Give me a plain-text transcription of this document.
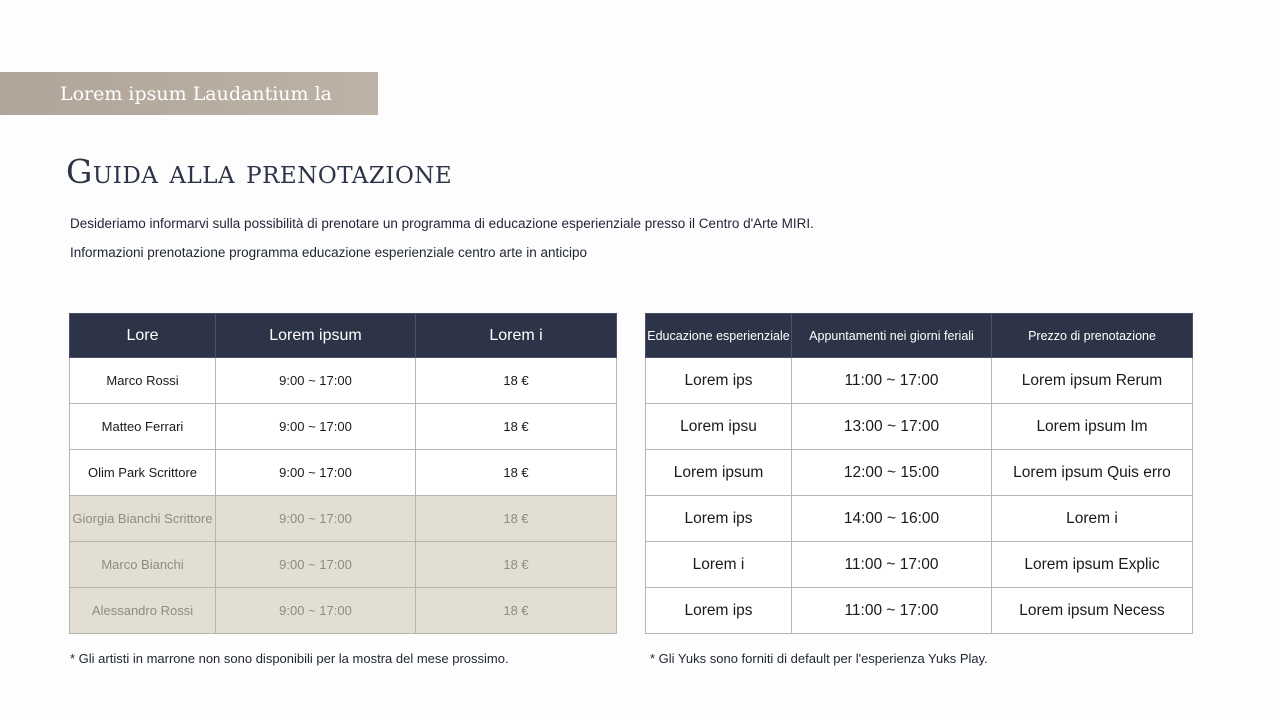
Lorem ipsum Laudantium la
Guida alla prenotazione
Desideriamo informarvi sulla possibilità di prenotare un programma di educazione esperienziale presso il Centro d'Arte MIRI.
Informazioni prenotazione programma educazione esperienziale centro arte in anticipo
Lore	Lorem ipsum	Lorem i
Marco Rossi	9:00 ~ 17:00	18 €
Matteo Ferrari	9:00 ~ 17:00	18 €
Olim Park Scrittore	9:00 ~ 17:00	18 €
Giorgia Bianchi Scrittore	9:00 ~ 17:00	18 €
Marco Bianchi	9:00 ~ 17:00	18 €
Alessandro Rossi	9:00 ~ 17:00	18 €
Educazione esperienziale	Appuntamenti nei giorni feriali	Prezzo di prenotazione
Lorem ips	11:00 ~ 17:00	Lorem ipsum Rerum
Lorem ipsu	13:00 ~ 17:00	Lorem ipsum Im
Lorem ipsum	12:00 ~ 15:00	Lorem ipsum Quis erro
Lorem ips	14:00 ~ 16:00	Lorem i
Lorem i	11:00 ~ 17:00	Lorem ipsum Explic
Lorem ips	11:00 ~ 17:00	Lorem ipsum Necess
* Gli artisti in marrone non sono disponibili per la mostra del mese prossimo.	* Gli Yuks sono forniti di default per l'esperienza Yuks Play.
